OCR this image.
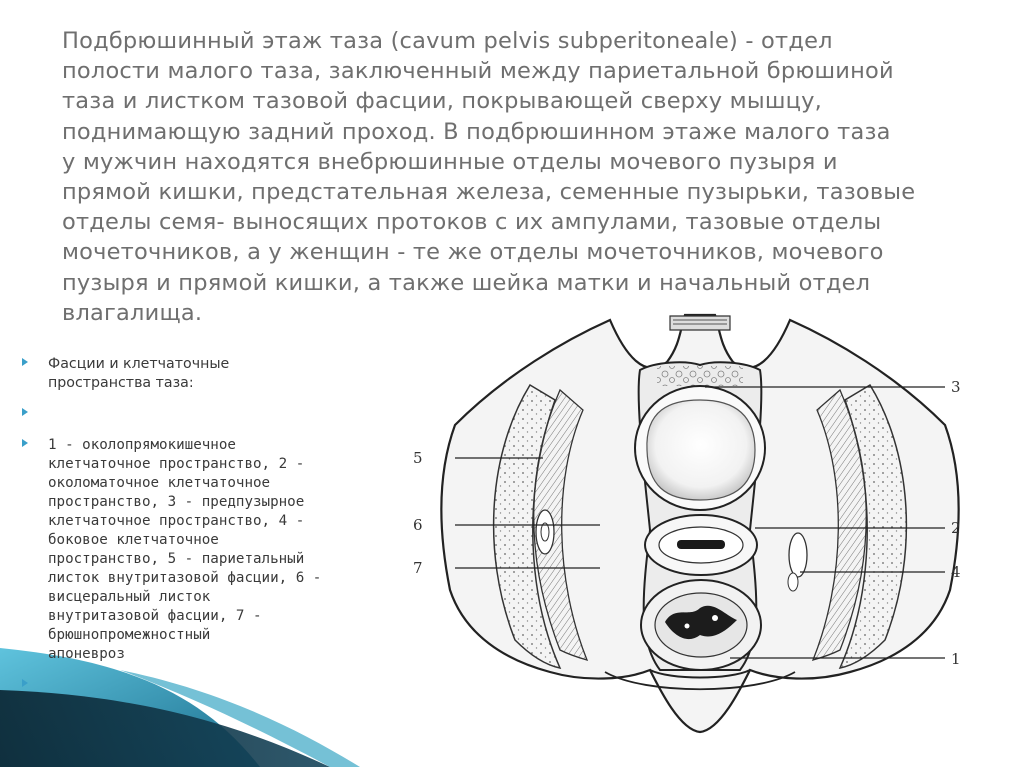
Подбрюшинный этаж таза (cavum pelvis subperitoneale) - отдел
полости малого таза, заключенный между париетальной брюшиной
таза и листком тазовой фасции, покрывающей сверху мышцу,
поднимающую задний проход. В подбрюшинном этаже малого таза
у мужчин находятся внебрюшинные отделы мочевого пузыря и
прямой кишки, предстательная железа, семенные пузырьки, тазовые
отделы семя- выносящих протоков с их ампулами, тазовые отделы
мочеточников, а у женщин - те же отделы мочеточников, мочевого
пузыря и прямой кишки, а также шейка матки и начальный отдел
влагалища.
Фасции и клетчаточные
пространства таза:
1 - околопрямокишечное
клетчаточное пространство, 2 -
околоматочное клетчаточное
пространство, 3 - предпузырное
клетчаточное пространство, 4 -
боковое клетчаточное
пространство, 5 - париетальный
листок внутритазовой фасции, 6 -
висцеральный листок
внутритазовой фасции, 7 -
брюшнопромежностный
апоневроз
5
6
7
3
2
4
1
